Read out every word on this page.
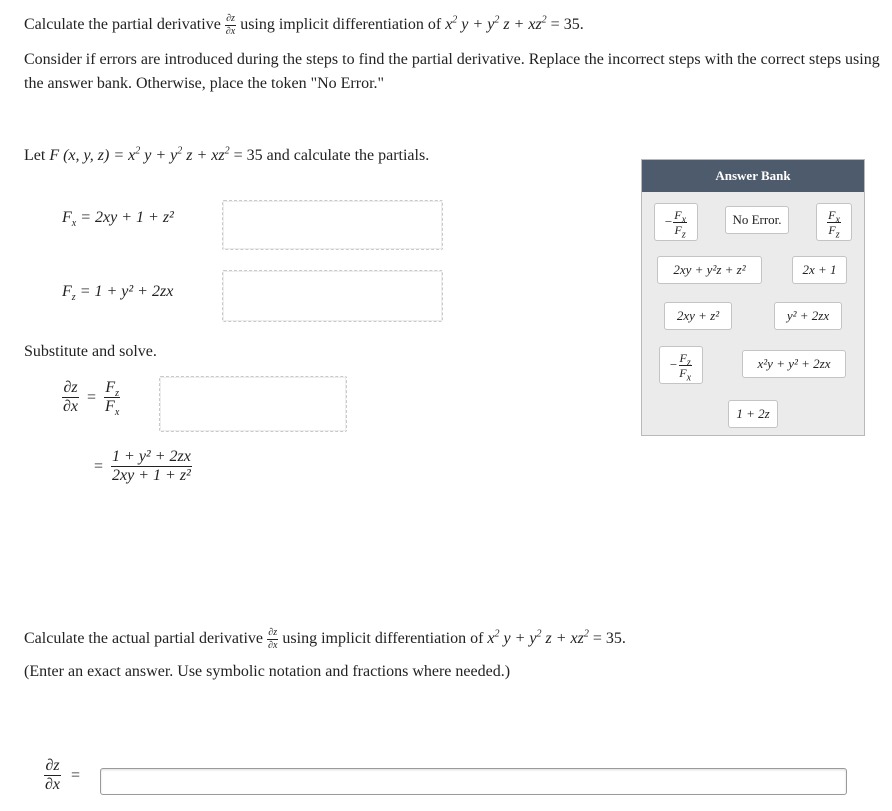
Calculate the partial derivative $\frac{\partial z}{\partial x}$ using implicit differentiation of $x^2$ $y + y^2$ $z + xz^2 = 35$.
Consider if errors are introduced during the steps to find the partial derivative. Replace the incorrect steps with the correct steps using the answer bank. Otherwise, place the token "No Error."
Let F (x, y, $z) = x^2$ $y + y^2$ $z + xz^2 = 35$ and calculate the partials.
$F_x = 2xy + 1 + z^2$
$F_z = 1 + y^2 + 2zx$
Substitute and solve.
$\frac{\partial z}{\partial x} = \frac{F_z}{F_x}$
= $\frac{\text{1 + y² + 2zx}}{\text{2xy + 1 + z²}}$
Answer Bank
− $\frac{F_x}{F_z}$	No Error.	$\frac{F_x}{F_z}$
2xy + y²z + z²	2x + 1
2xy + z²	y² + 2zx
− $\frac{F_z}{F_x}$	x²y + y² + 2zx
1 + 2z
Calculate the actual partial derivative $\frac{\partial z}{\partial x}$ using implicit differentiation of $x^2$ $y + y^2$ $z + xz^2 = 35$.
(Enter an exact answer. Use symbolic notation and fractions where needed.)
$\frac{\partial z}{\partial x}$ =
